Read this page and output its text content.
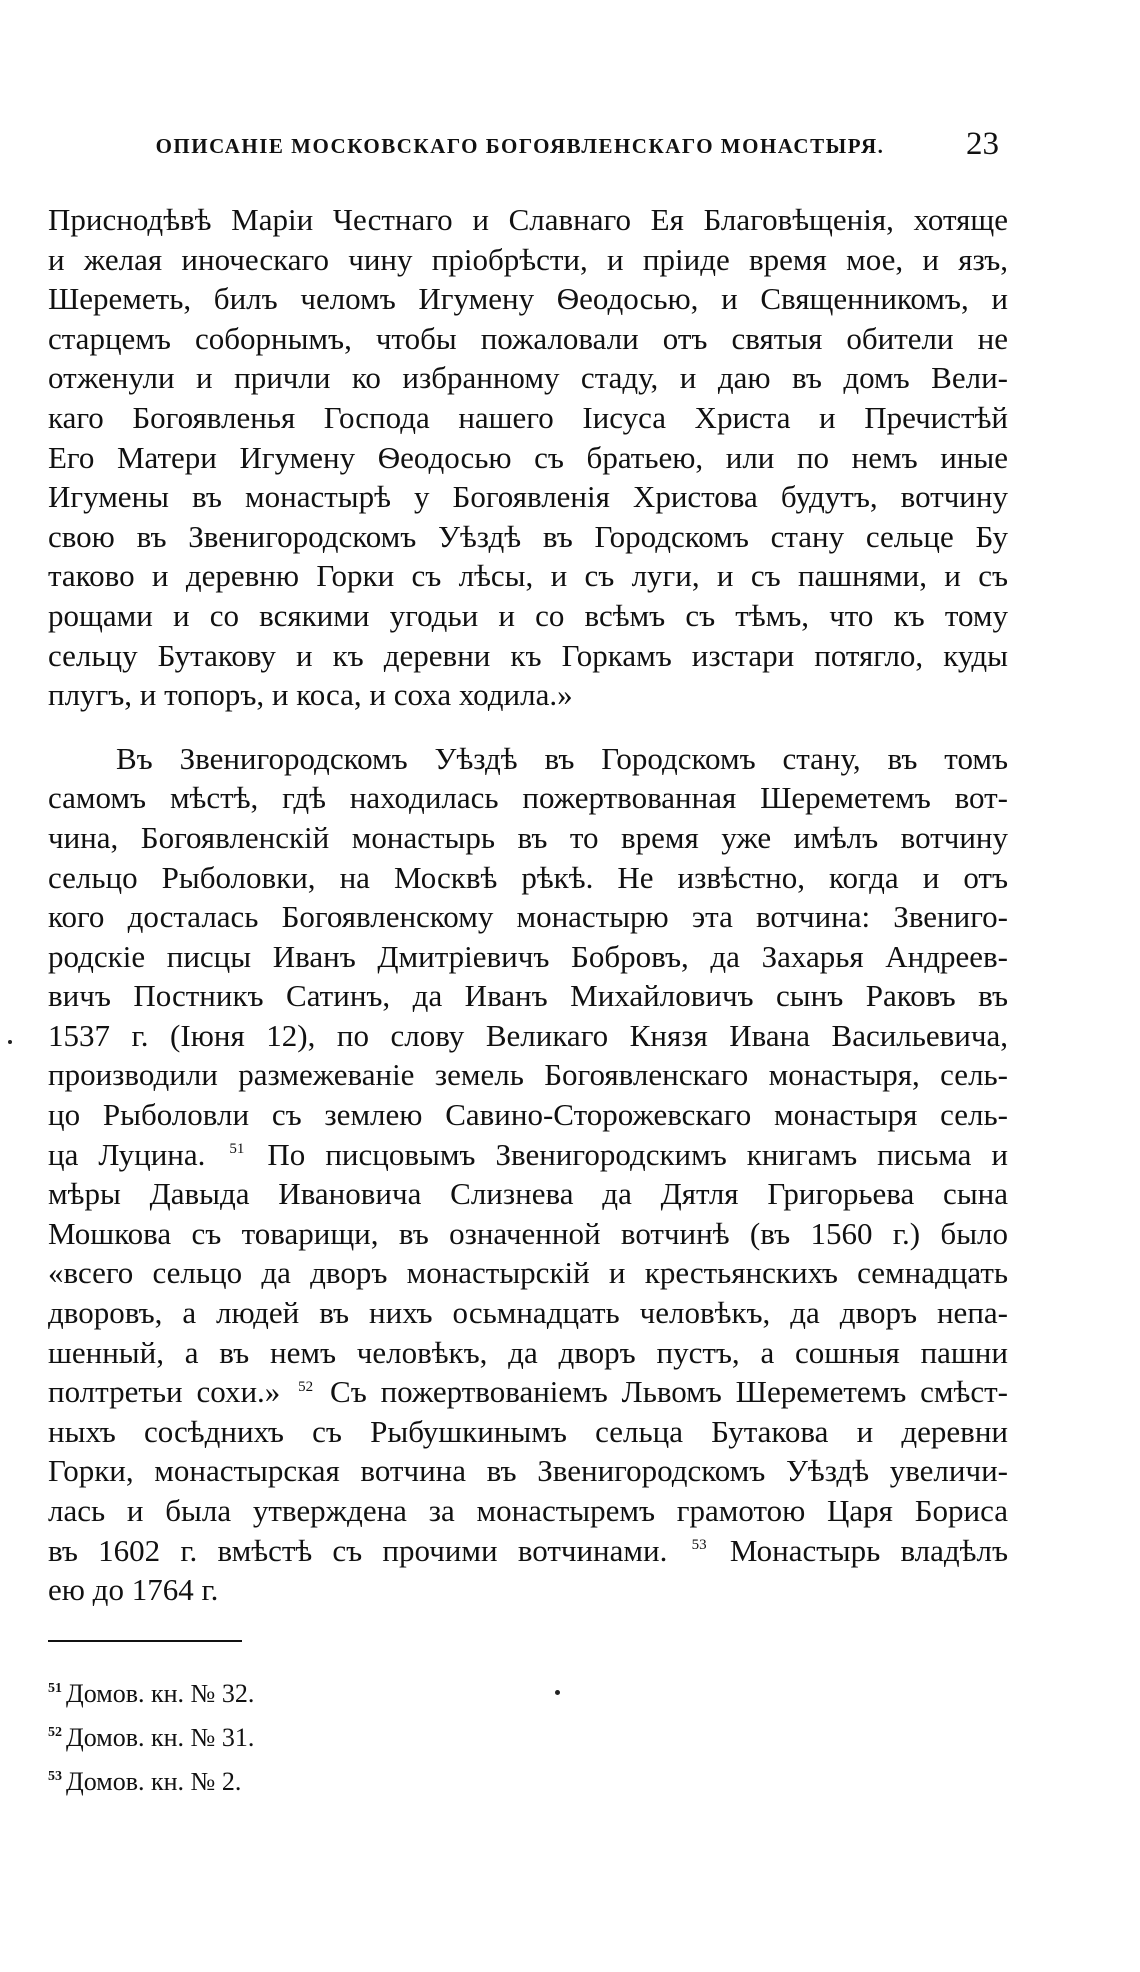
ОПИСАНІЕ МОСКОВСКАГО БОГОЯВЛЕНСКАГО МОНАСТЫРЯ.	23
Приснодѣвѣ Маріи Честнаго и Славнаго Ея Благовѣщенія, хотяще
и желая иноческаго чину пріобрѣсти, и пріиде время мое, и язъ,
Шереметь, билъ челомъ Игумену Ѳеодосью, и Священникомъ, и
старцемъ соборнымъ, чтобы пожаловали отъ святыя обители не
отженули и причли ко избранному стаду, и даю въ домъ Вели-
каго Богоявленья Господа нашего Іисуса Христа и Пречистѣй
Его Матери Игумену Ѳеодосью съ братьею, или по немъ иные
Игумены въ монастырѣ у Богоявленія Христова будутъ, вотчину
свою въ Звенигородскомъ Уѣздѣ въ Городскомъ стану сельце Бу
таково и деревню Горки съ лѣсы, и съ луги, и съ пашнями, и съ
рощами и со всякими угодьи и со всѣмъ съ тѣмъ, что къ тому
сельцу Бутакову и къ деревни къ Горкамъ изстари потягло, куды
плугъ, и топоръ, и коса, и соха ходила.»
Въ Звенигородскомъ Уѣздѣ въ Городскомъ стану, въ томъ
самомъ мѣстѣ, гдѣ находилась пожертвованная Шереметемъ вот-
чина, Богоявленскій монастырь въ то время уже имѣлъ вотчину
сельцо Рыболовки, на Москвѣ рѣкѣ. Не извѣстно, когда и отъ
кого досталась Богоявленскому монастырю эта вотчина: Звениго-
родскіе писцы Иванъ Дмитріевичъ Бобровъ, да Захарья Андреев-
вичъ Постникъ Сатинъ, да Иванъ Михайловичъ сынъ Раковъ въ
1537 г. (Іюня 12), по слову Великаго Князя Ивана Васильевича,
производили размежеваніе земель Богоявленскаго монастыря, сель-
цо Рыболовли съ землею Савино-Сторожевскаго монастыря сель-
ца Луцина. $^{51}$ По писцовымъ Звенигородскимъ книгамъ письма и
мѣры Давыда Ивановича Слизнева да Дятля Григорьева сына
Мошкова съ товарищи, въ означенной вотчинѣ (въ 1560 г.) было
«всего сельцо да дворъ монастырскій и крестьянскихъ семнадцать
дворовъ, а людей въ нихъ осьмнадцать человѣкъ, да дворъ непа-
шенный, а въ немъ человѣкъ, да дворъ пустъ, а сошныя пашни
полтретьи сохи.» $^{52}$ Съ пожертвованіемъ Львомъ Шереметемъ смѣст-
ныхъ сосѣднихъ съ Рыбушкинымъ сельца Бутакова и деревни
Горки, монастырская вотчина въ Звенигородскомъ Уѣздѣ увеличи-
лась и была утверждена за монастыремъ грамотою Царя Бориса
въ 1602 г. вмѣстѣ съ прочими вотчинами. $^{53}$ Монастырь владѣлъ
ею до 1764 г.
$^{51}$ Домов. кн. № 32.
$^{52}$ Домов. кн. № 31.
$^{53}$ Домов. кн. № 2.
